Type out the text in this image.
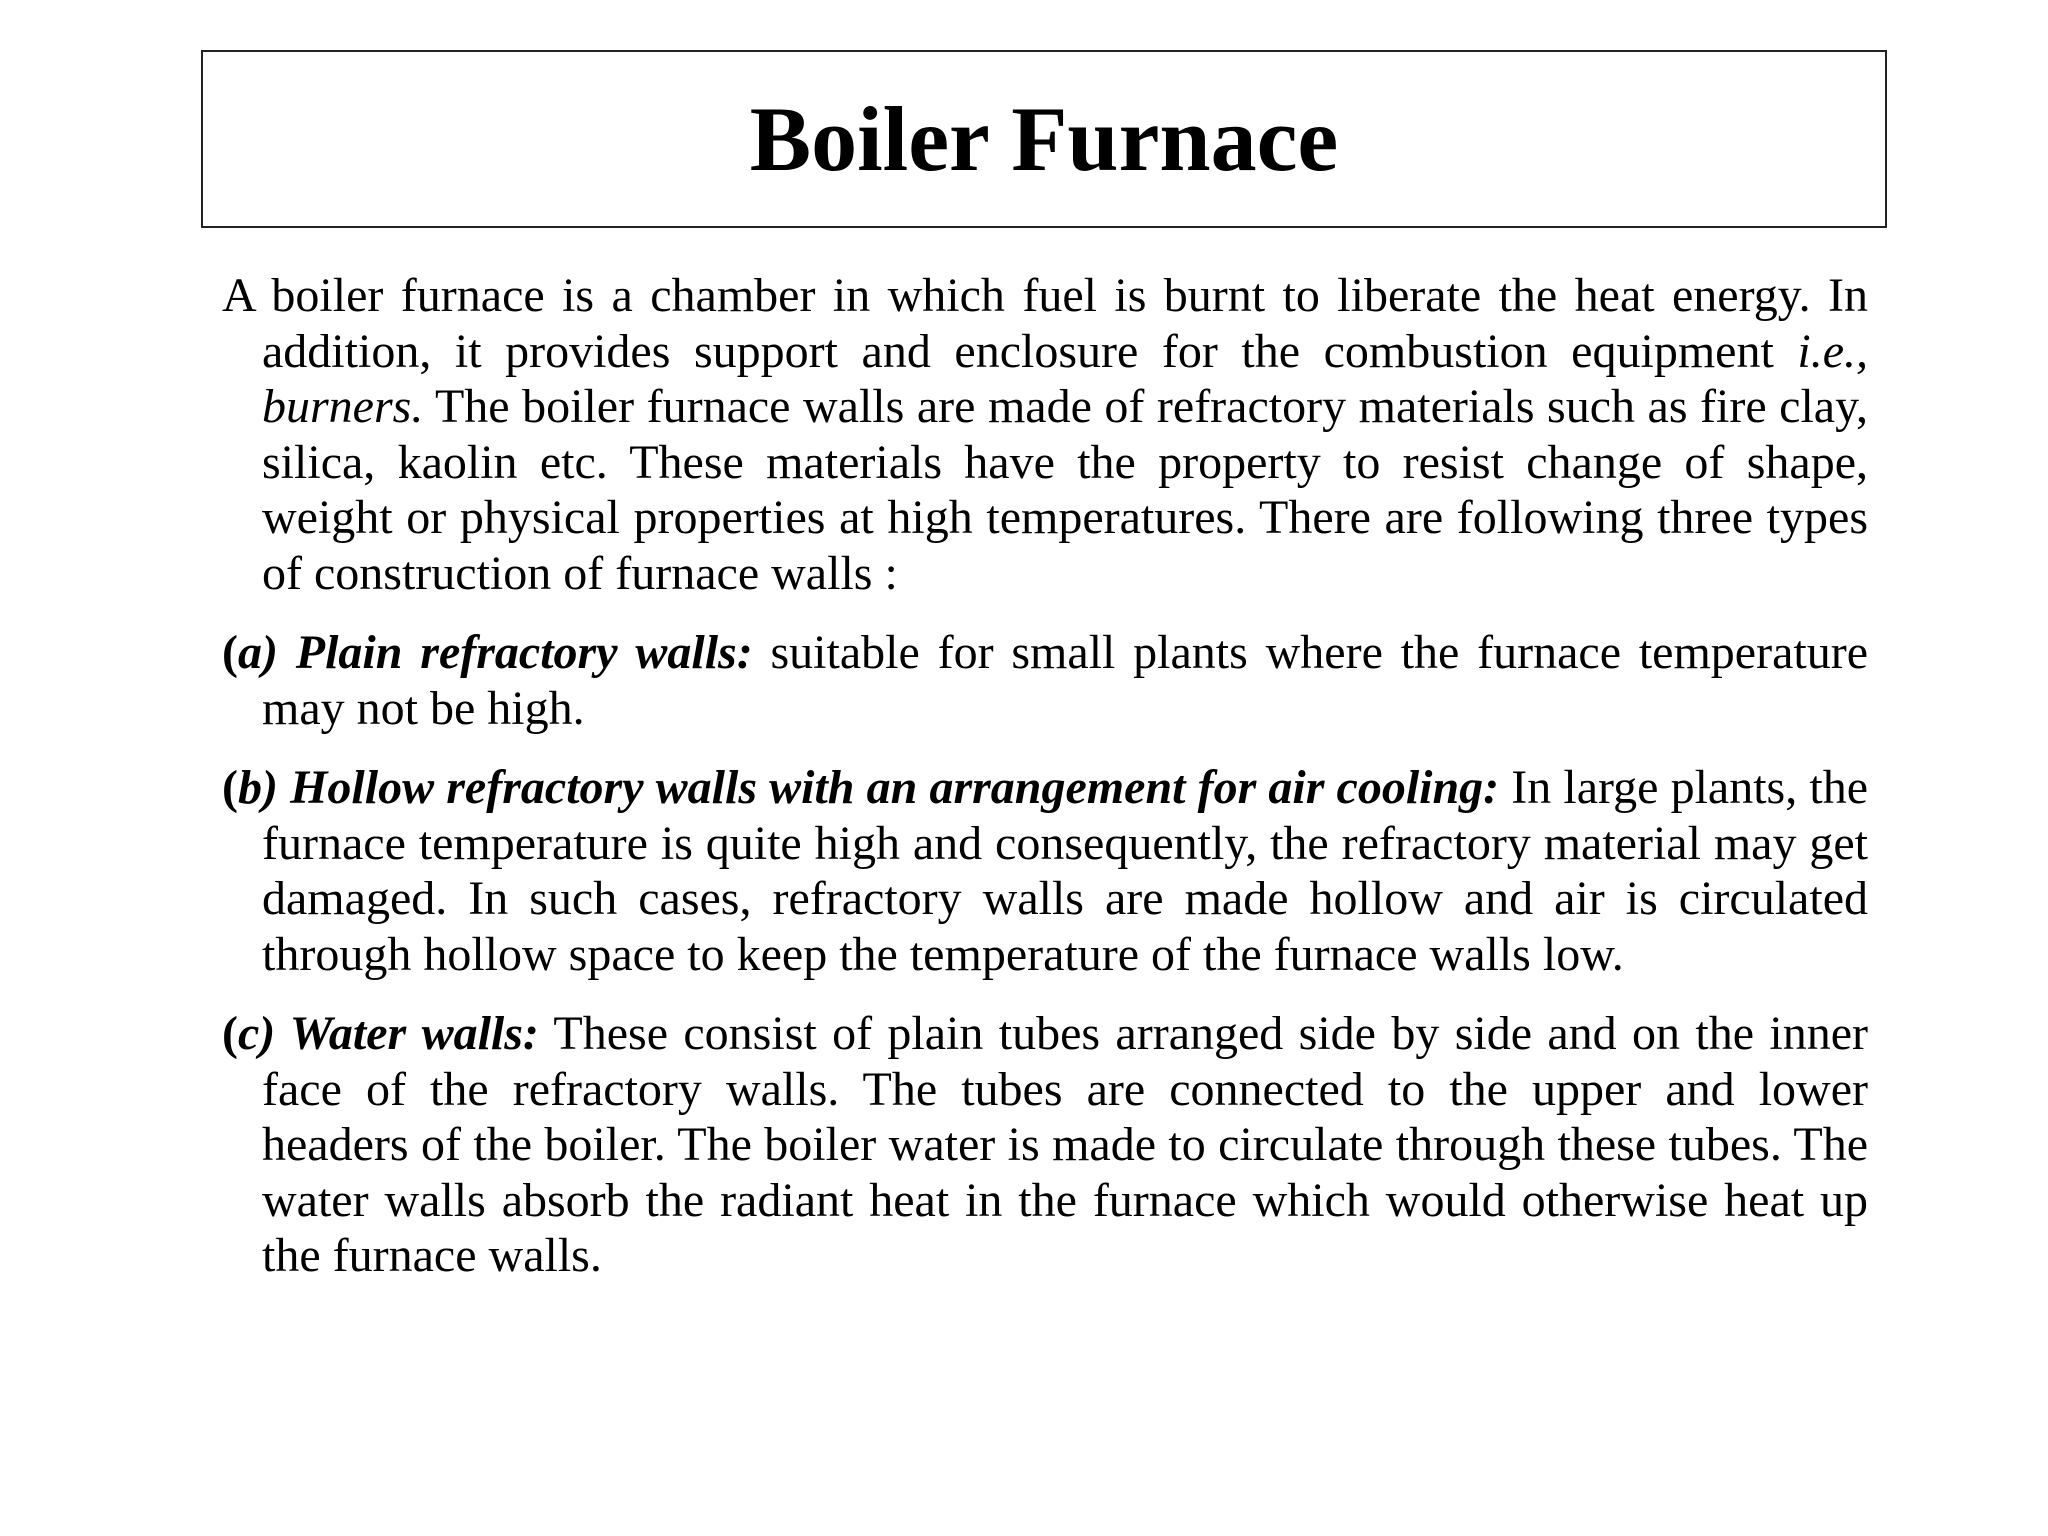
Boiler Furnace

A boiler furnace is a chamber in which fuel is burnt to liberate the heat energy. In addition, it provides support and enclosure for the combustion equipment i.e., burners. The boiler furnace walls are made of refractory materials such as fire clay, silica, kaolin etc. These materials have the property to resist change of shape, weight or physical properties at high temperatures. There are following three types of construction of furnace walls :

(a) Plain refractory walls: suitable for small plants where the furnace temperature may not be high.

(b) Hollow refractory walls with an arrangement for air cooling: In large plants, the furnace temperature is quite high and consequently, the refractory material may get damaged. In such cases, refractory walls are made hollow and air is circulated through hollow space to keep the temperature of the furnace walls low.

(c) Water walls: These consist of plain tubes arranged side by side and on the inner face of the refractory walls. The tubes are connected to the upper and lower headers of the boiler. The boiler water is made to circulate through these tubes. The water walls absorb the radiant heat in the furnace which would otherwise heat up the furnace walls.
